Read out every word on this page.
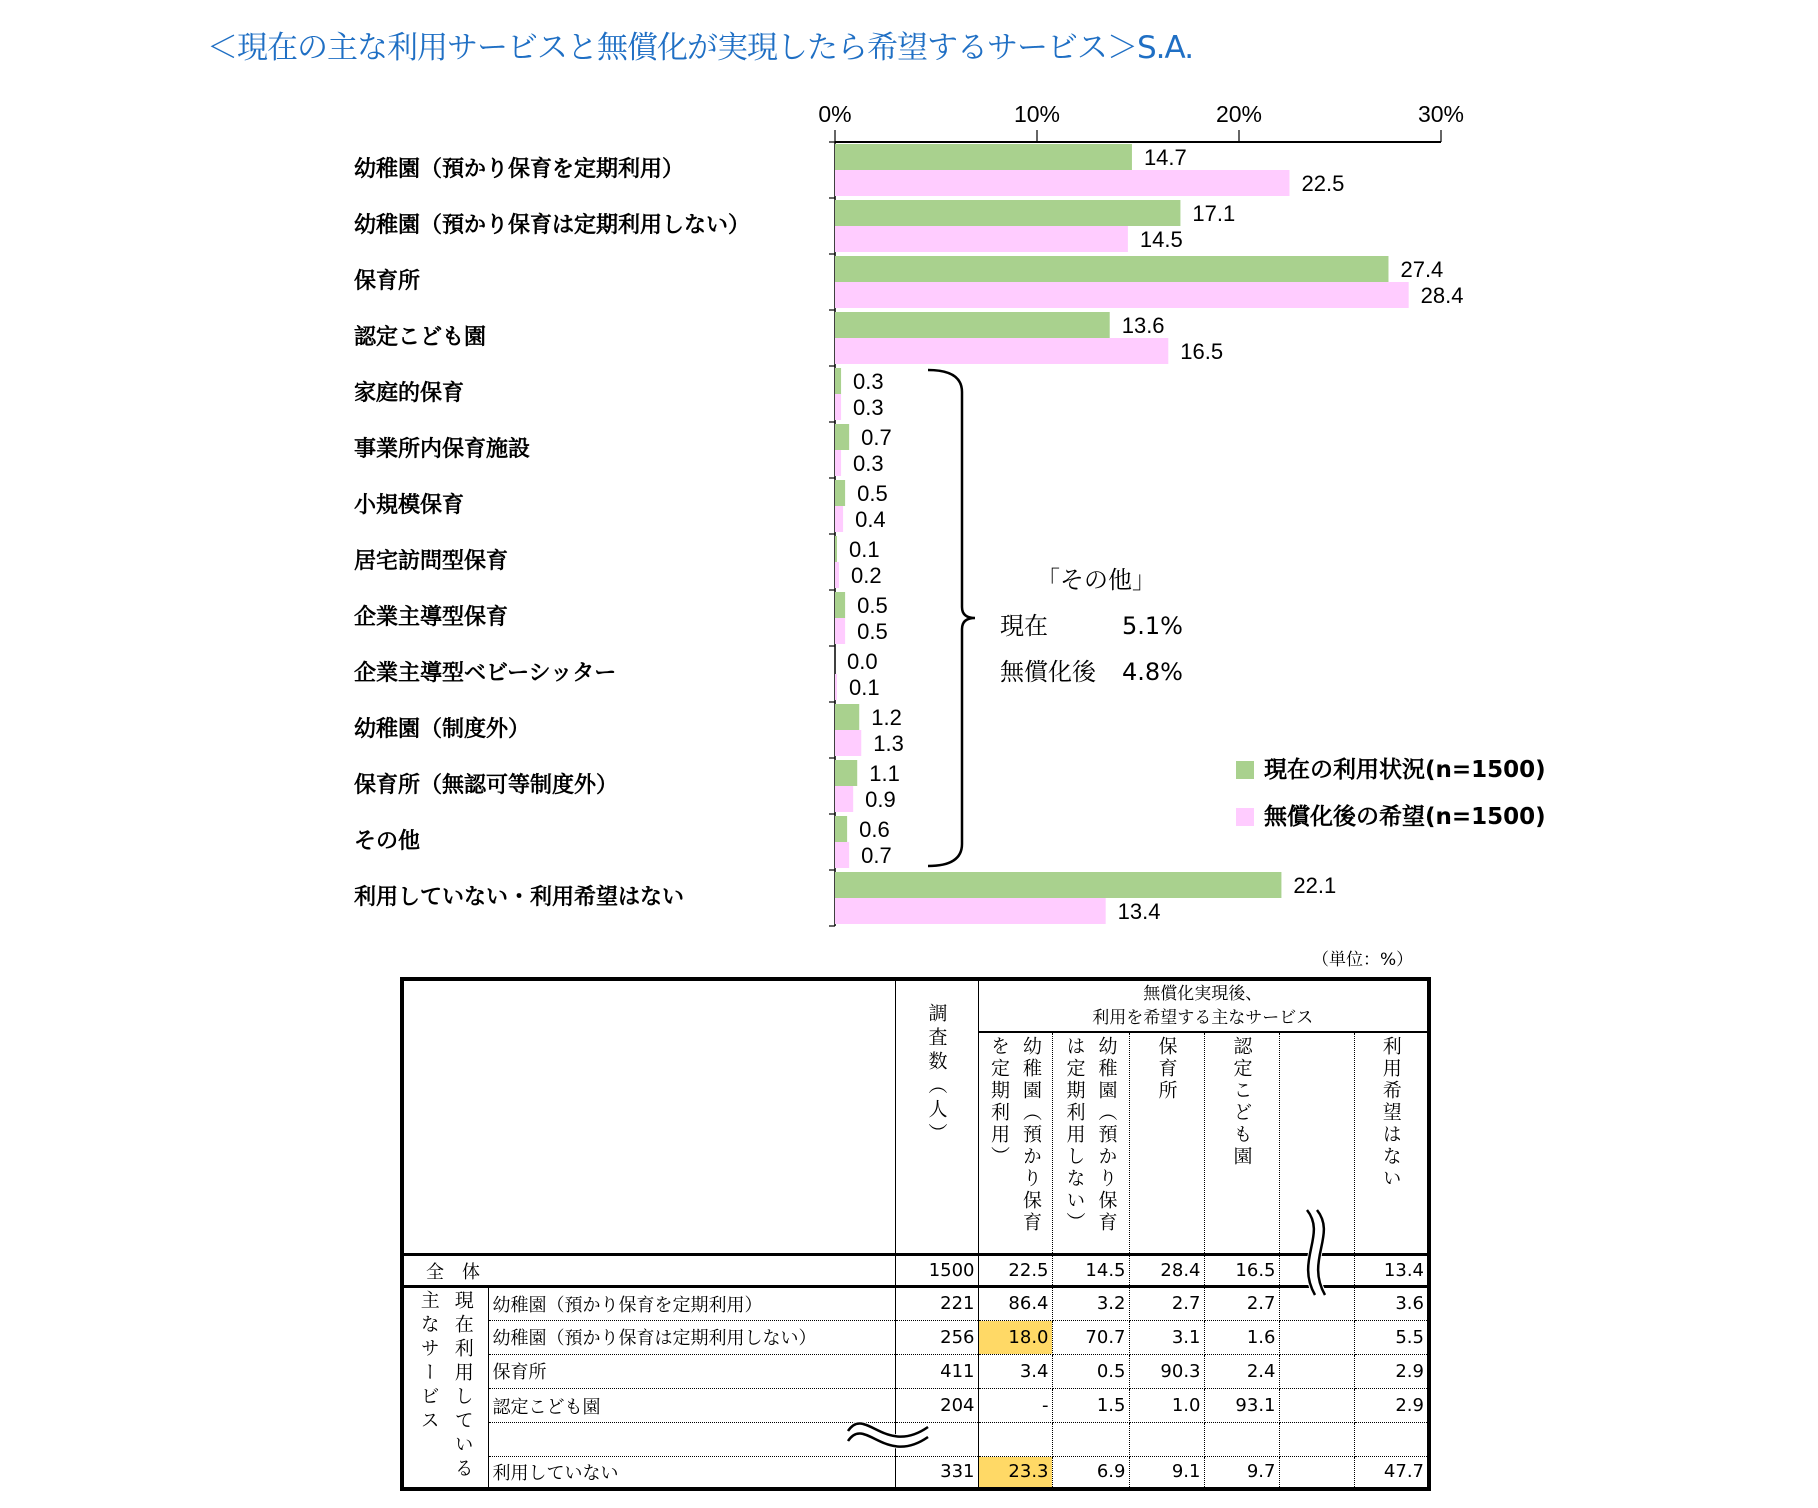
＜現在の主な利用サービスと無償化が実現したら希望するサービス＞S.A.
0%	10%	20%	30%
14.7
22.5
17.1
14.5
27.4
28.4
13.6
16.5
0.3
0.3
0.7
0.3
0.5
0.4
0.1
0.2
0.5
0.5
0.0
0.1
1.2
1.3
1.1
0.9
0.6
0.7
22.1
13.4
幼稚園（預かり保育を定期利用）
幼稚園（預かり保育は定期利用しない）
保育所
認定こども園
家庭的保育
事業所内保育施設
小規模保育
居宅訪問型保育
企業主導型保育
企業主導型ベビーシッター
幼稚園（制度外）
保育所（無認可等制度外）
その他
利用していない・利用希望はない
「その他」
現在	5.1%
無償化後 4.8%
現在の利用状況(n=1500)
無償化後の希望(n=1500)
（単位：%）
		調査数（人）	無償化実現後、
利用を希望する主なサービス					

			幼稚園（預かり保育を定期利用）	幼稚園（預かり保育は定期利用しない）	保育所	認定こども園		利用希望はない
全　体		1500	22.5	14.5	28.4	16.5		13.4
現在利用している主なサービス	幼稚園（預かり保育を定期利用）	221	86.4	3.2	2.7	2.7		3.6
	幼稚園（預かり保育は定期利用しない）	256	18.0	70.7	3.1	1.6		5.5
	保育所	411	3.4	0.5	90.3	2.4		2.9
	認定こども園	204	-	1.5	1.0	93.1		2.9

	利用していない	331	23.3	6.9	9.1	9.7		47.7
